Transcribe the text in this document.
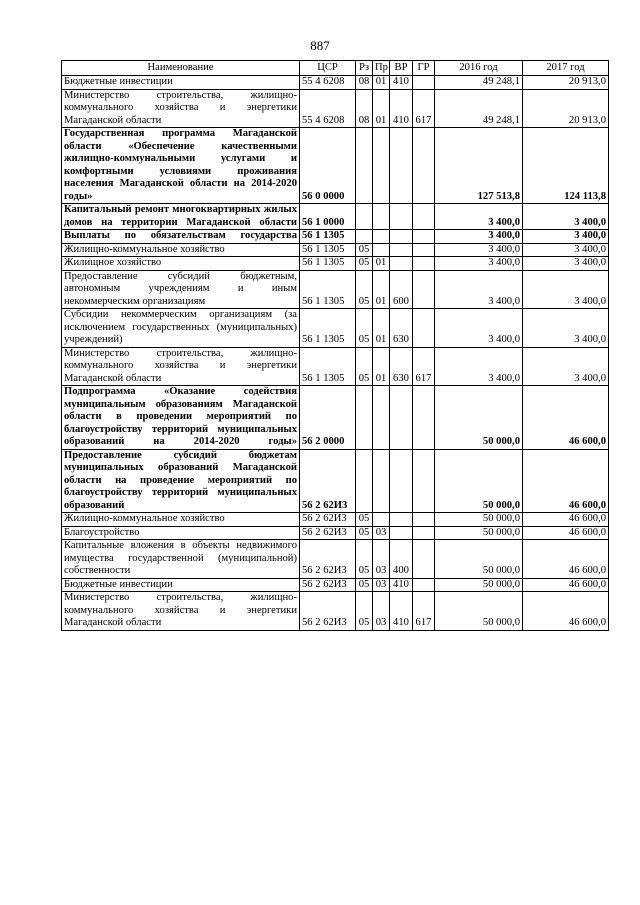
887
Наименование	ЦСР	Рз	Пр	ВР	ГР	2016 год	2017 год
Бюджетные инвестиции	55 4 6208	08	01	410		49 248,1	20 913,0
Министерство строительства, жилищно-коммунального хозяйства и энергетики Магаданской области	55 4 6208	08	01	410	617	49 248,1	20 913,0
Государственная программа Магаданской области «Обеспечение качественными жилищно-коммунальными услугами и комфортными условиями проживания населения Магаданской области на 2014-2020 годы»	56 0 0000					127 513,8	124 113,8
Капитальный ремонт многоквартирных жилых домов на территории Магаданской области	56 1 0000					3 400,0	3 400,0
Выплаты по обязательствам государства	56 1 1305					3 400,0	3 400,0
Жилищно-коммунальное хозяйство	56 1 1305	05				3 400,0	3 400,0
Жилищное хозяйство	56 1 1305	05	01			3 400,0	3 400,0
Предоставление субсидий бюджетным, автономным учреждениям и иным некоммерческим организациям	56 1 1305	05	01	600		3 400,0	3 400,0
Субсидии некоммерческим организациям (за исключением государственных (муниципальных) учреждений)	56 1 1305	05	01	630		3 400,0	3 400,0
Министерство строительства, жилищно-коммунального хозяйства и энергетики Магаданской области	56 1 1305	05	01	630	617	3 400,0	3 400,0
Подпрограмма «Оказание содействия муниципальным образованиям Магаданской области в проведении мероприятий по благоустройству территорий муниципальных образований на 2014-2020 годы»	56 2 0000					50 000,0	46 600,0
Предоставление субсидий бюджетам муниципальных образований Магаданской области на проведение мероприятий по благоустройству территорий муниципальных образований	56 2 62И3					50 000,0	46 600,0
Жилищно-коммунальное хозяйство	56 2 62И3	05				50 000,0	46 600,0
Благоустройство	56 2 62И3	05	03			50 000,0	46 600,0
Капитальные вложения в объекты недвижимого имущества государственной (муниципальной) собственности	56 2 62И3	05	03	400		50 000,0	46 600,0
Бюджетные инвестиции	56 2 62И3	05	03	410		50 000,0	46 600,0
Министерство строительства, жилищно-коммунального хозяйства и энергетики Магаданской области	56 2 62И3	05	03	410	617	50 000,0	46 600,0
